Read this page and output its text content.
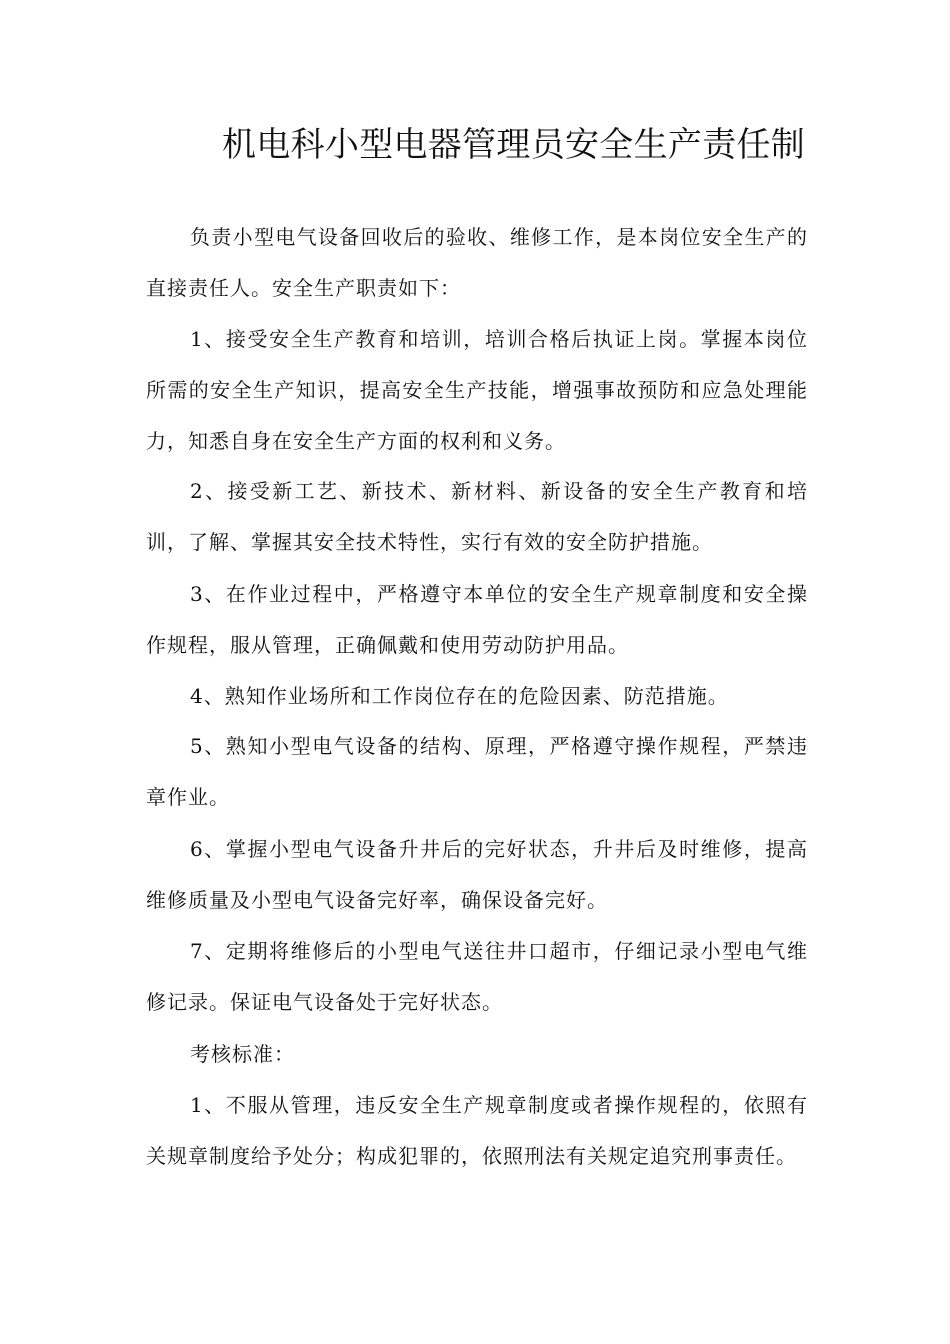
机电科小型电器管理员安全生产责任制

负责小型电气设备回收后的验收、维修工作，是本岗位安全生产的直接责任人。安全生产职责如下：

1、接受安全生产教育和培训，培训合格后执证上岗。掌握本岗位所需的安全生产知识，提高安全生产技能，增强事故预防和应急处理能力，知悉自身在安全生产方面的权利和义务。

2、接受新工艺、新技术、新材料、新设备的安全生产教育和培训，了解、掌握其安全技术特性，实行有效的安全防护措施。

3、在作业过程中，严格遵守本单位的安全生产规章制度和安全操作规程，服从管理，正确佩戴和使用劳动防护用品。

4、熟知作业场所和工作岗位存在的危险因素、防范措施。

5、熟知小型电气设备的结构、原理，严格遵守操作规程，严禁违章作业。

6、掌握小型电气设备升井后的完好状态，升井后及时维修，提高维修质量及小型电气设备完好率，确保设备完好。

7、定期将维修后的小型电气送往井口超市，仔细记录小型电气维修记录。保证电气设备处于完好状态。

考核标准：

1、不服从管理，违反安全生产规章制度或者操作规程的，依照有关规章制度给予处分；构成犯罪的，依照刑法有关规定追究刑事责任。
